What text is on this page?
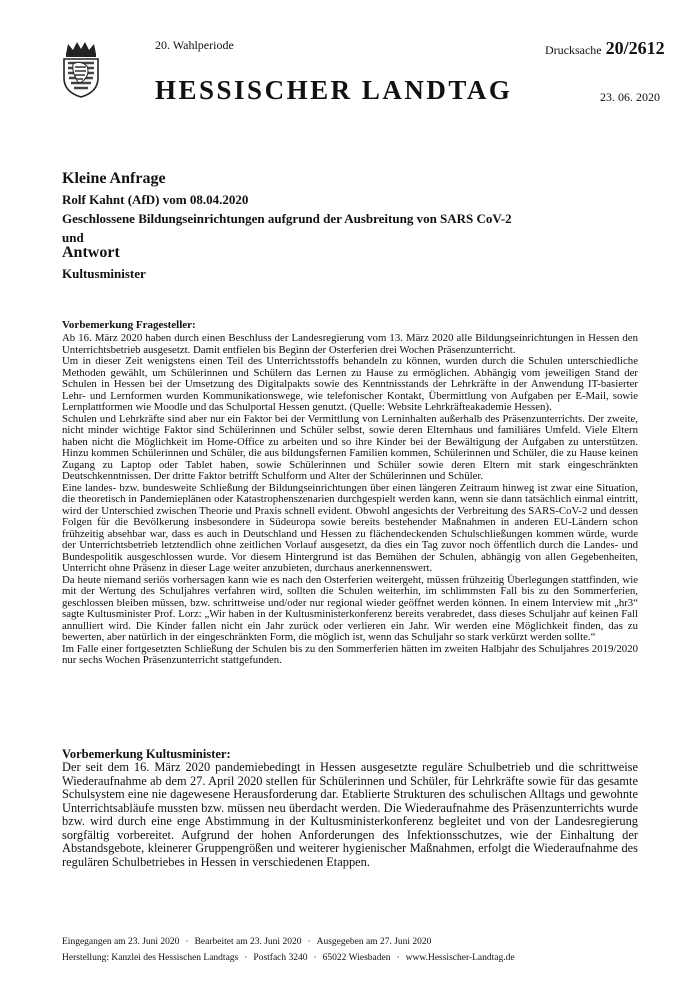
20. Wahlperiode	Drucksache 20/2612
HESSISCHER LANDTAG	23. 06. 2020
Kleine Anfrage
Rolf Kahnt (AfD) vom 08.04.2020
Geschlossene Bildungseinrichtungen aufgrund der Ausbreitung von SARS CoV-2
und
Antwort
Kultusminister
Vorbemerkung Fragesteller:

Ab 16. März 2020 haben durch einen Beschluss der Landesregierung vom 13. März 2020 alle Bildungseinrichtungen in Hessen den Unterrichtsbetrieb ausgesetzt. Damit entfielen bis Beginn der Osterferien drei Wochen Präsenzunterricht.

Um in dieser Zeit wenigstens einen Teil des Unterrichtsstoffs behandeln zu können, wurden durch die Schulen unterschiedliche Methoden gewählt, um Schülerinnen und Schülern das Lernen zu Hause zu ermöglichen. Abhängig vom jeweiligen Stand der Schulen in Hessen bei der Umsetzung des Digitalpakts sowie des Kenntnisstands der Lehrkräfte in der Anwendung IT-basierter Lehr- und Lernformen wurden Kommunikationswege, wie telefonischer Kontakt, Übermittlung von Aufgaben per E-Mail, sowie Lernplattformen wie Moodle und das Schulportal Hessen genutzt. (Quelle: Website Lehrkräfteakademie Hessen).

Schulen und Lehrkräfte sind aber nur ein Faktor bei der Vermittlung von Lerninhalten außerhalb des Präsenzunterrichts. Der zweite, nicht minder wichtige Faktor sind Schülerinnen und Schüler selbst, sowie deren Elternhaus und familiäres Umfeld. Viele Eltern haben nicht die Möglichkeit im Home-Office zu arbeiten und so ihre Kinder bei der Bewältigung der Aufgaben zu unterstützen. Hinzu kommen Schülerinnen und Schüler, die aus bildungsfernen Familien kommen, Schülerinnen und Schüler, die zu Hause keinen Zugang zu Laptop oder Tablet haben, sowie Schülerinnen und Schüler sowie deren Eltern mit stark eingeschränkten Deutschkenntnissen. Der dritte Faktor betrifft Schulform und Alter der Schülerinnen und Schüler.

Eine landes- bzw. bundesweite Schließung der Bildungseinrichtungen über einen längeren Zeitraum hinweg ist zwar eine Situation, die theoretisch in Pandemieplänen oder Katastrophenszenarien durchgespielt werden kann, wenn sie dann tatsächlich einmal eintritt, wird der Unterschied zwischen Theorie und Praxis schnell evident. Obwohl angesichts der Verbreitung des SARS-CoV-2 und dessen Folgen für die Bevölkerung insbesondere in Südeuropa sowie bereits bestehender Maßnahmen in anderen EU-Ländern schon frühzeitig absehbar war, dass es auch in Deutschland und Hessen zu flächendeckenden Schulschließungen kommen würde, wurde der Unterrichtsbetrieb letztendlich ohne zeitlichen Vorlauf ausgesetzt, da dies ein Tag zuvor noch öffentlich durch die Landes- und Bundespolitik ausgeschlossen wurde. Vor diesem Hintergrund ist das Bemühen der Schulen, abhängig von allen Gegebenheiten, Unterricht ohne Präsenz in dieser Lage weiter anzubieten, durchaus anerkennenswert.

Da heute niemand seriös vorhersagen kann wie es nach den Osterferien weitergeht, müssen frühzeitig Überlegungen stattfinden, wie mit der Wertung des Schuljahres verfahren wird, sollten die Schulen weiterhin, im schlimmsten Fall bis zu den Sommerferien, geschlossen bleiben müssen, bzw. schrittweise und/oder nur regional wieder geöffnet werden können. In einem Interview mit „hr3“ sagte Kultusminister Prof. Lorz: „Wir haben in der Kultusministerkonferenz bereits verabredet, dass dieses Schuljahr auf keinen Fall annulliert wird. Die Kinder fallen nicht ein Jahr zurück oder verlieren ein Jahr. Wir werden eine Möglichkeit finden, das zu bewerten, aber natürlich in der eingeschränkten Form, die möglich ist, wenn das Schuljahr so stark verkürzt werden sollte.“

Im Falle einer fortgesetzten Schließung der Schulen bis zu den Sommerferien hätten im zweiten Halbjahr des Schuljahres 2019/2020 nur sechs Wochen Präsenzunterricht stattgefunden.

Vorbemerkung Kultusminister:

Der seit dem 16. März 2020 pandemiebedingt in Hessen ausgesetzte reguläre Schulbetrieb und die schrittweise Wiederaufnahme ab dem 27. April 2020 stellen für Schülerinnen und Schüler, für Lehrkräfte sowie für das gesamte Schulsystem eine nie dagewesene Herausforderung dar. Etablierte Strukturen des schulischen Alltags und gewohnte Unterrichtsabläufe mussten bzw. müssen neu überdacht werden. Die Wiederaufnahme des Präsenzunterrichts wurde bzw. wird durch eine enge Abstimmung in der Kultusministerkonferenz begleitet und von der Landesregierung sorgfältig vorbereitet. Aufgrund der hohen Anforderungen des Infektionsschutzes, wie der Einhaltung der Abstandsgebote, kleinerer Gruppengrößen und weiterer hygienischer Maßnahmen, erfolgt die Wiederaufnahme des regulären Schulbetriebes in Hessen in verschiedenen Etappen.

Eingegangen am 23. Juni 2020 · Bearbeitet am 23. Juni 2020 · Ausgegeben am 27. Juni 2020
Herstellung: Kanzlei des Hessischen Landtags · Postfach 3240 · 65022 Wiesbaden · www.Hessischer-Landtag.de
